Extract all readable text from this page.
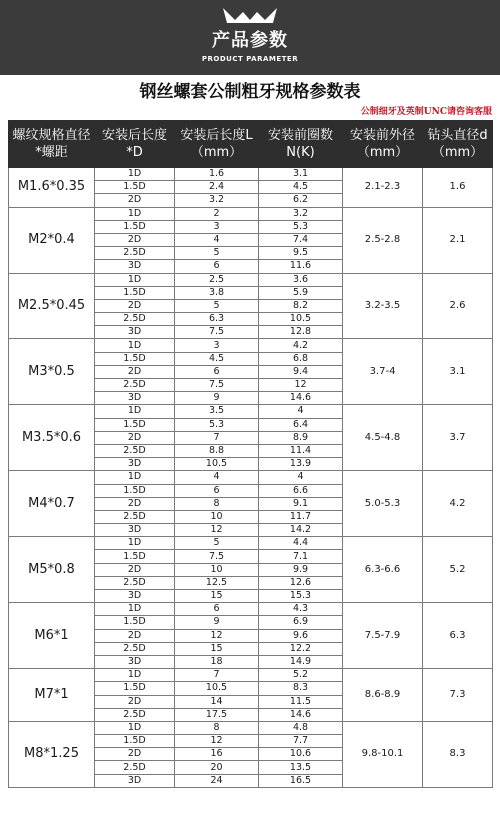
产品参数
PRODUCT PARAMETER
钢丝螺套公制粗牙规格参数表
公制细牙及英制UNC请咨询客服
螺纹规格直径*螺距	安装后长度*D	安装后长度L（mm）	安装前圈数N(K)	安装前外径（mm）	钻头直径d（mm）
M1.6*0.35	1D	1.6	3.1	2.1-2.3	1.6
	1.5D	2.4	4.5		
	2D	3.2	6.2		
M2*0.4	1D	2	3.2	2.5-2.8	2.1
	1.5D	3	5.3		
	2D	4	7.4		
	2.5D	5	9.5		
	3D	6	11.6		
M2.5*0.45	1D	2.5	3.6	3.2-3.5	2.6
	1.5D	3.8	5.9		
	2D	5	8.2		
	2.5D	6.3	10.5		
	3D	7.5	12.8		
M3*0.5	1D	3	4.2	3.7-4	3.1
	1.5D	4.5	6.8		
	2D	6	9.4		
	2.5D	7.5	12		
	3D	9	14.6		
M3.5*0.6	1D	3.5	4	4.5-4.8	3.7
	1.5D	5.3	6.4		
	2D	7	8.9		
	2.5D	8.8	11.4		
	3D	10.5	13.9		
M4*0.7	1D	4	4	5.0-5.3	4.2
	1.5D	6	6.6		
	2D	8	9.1		
	2.5D	10	11.7		
	3D	12	14.2		
M5*0.8	1D	5	4.4	6.3-6.6	5.2
	1.5D	7.5	7.1		
	2D	10	9.9		
	2.5D	12.5	12.6		
	3D	15	15.3		
M6*1	1D	6	4.3	7.5-7.9	6.3
	1.5D	9	6.9		
	2D	12	9.6		
	2.5D	15	12.2		
	3D	18	14.9		
M7*1	1D	7	5.2	8.6-8.9	7.3
	1.5D	10.5	8.3		
	2D	14	11.5		
	2.5D	17.5	14.6		
M8*1.25	1D	8	4.8	9.8-10.1	8.3
	1.5D	12	7.7		
	2D	16	10.6		
	2.5D	20	13.5		
	3D	24	16.5		
